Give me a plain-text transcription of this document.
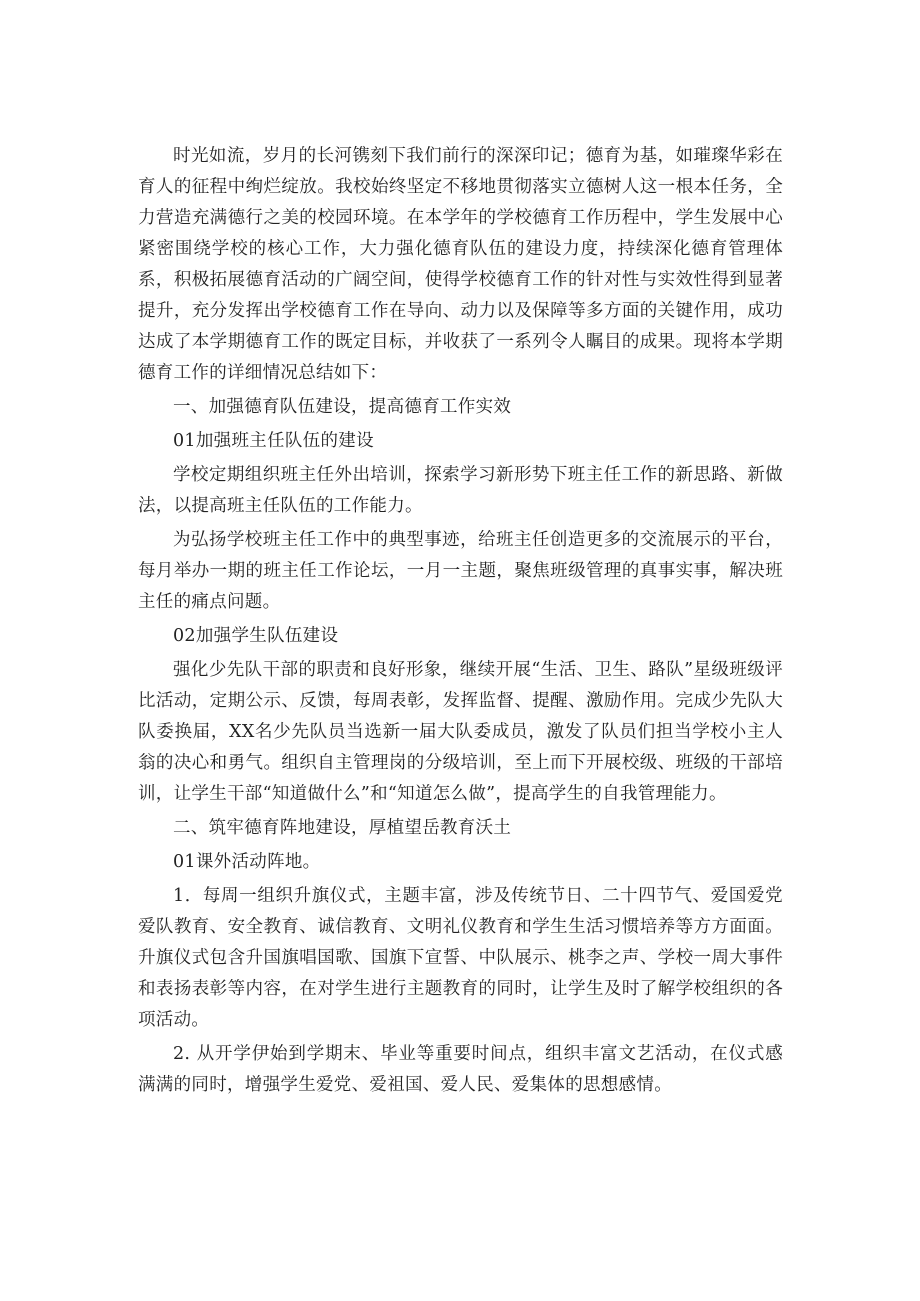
时光如流，岁月的长河镌刻下我们前行的深深印记；德育为基，如璀璨华彩在育人的征程中绚烂绽放。我校始终坚定不移地贯彻落实立德树人这一根本任务，全力营造充满德行之美的校园环境。在本学年的学校德育工作历程中，学生发展中心紧密围绕学校的核心工作，大力强化德育队伍的建设力度，持续深化德育管理体系，积极拓展德育活动的广阔空间，使得学校德育工作的针对性与实效性得到显著提升，充分发挥出学校德育工作在导向、动力以及保障等多方面的关键作用，成功达成了本学期德育工作的既定目标，并收获了一系列令人瞩目的成果。现将本学期德育工作的详细情况总结如下：

一、加强德育队伍建设，提高德育工作实效

01加强班主任队伍的建设

学校定期组织班主任外出培训，探索学习新形势下班主任工作的新思路、新做法，以提高班主任队伍的工作能力。

为弘扬学校班主任工作中的典型事迹，给班主任创造更多的交流展示的平台，每月举办一期的班主任工作论坛，一月一主题，聚焦班级管理的真事实事，解决班主任的痛点问题。

02加强学生队伍建设

强化少先队干部的职责和良好形象，继续开展“生活、卫生、路队”星级班级评比活动，定期公示、反馈，每周表彰，发挥监督、提醒、激励作用。完成少先队大队委换届，XX名少先队员当选新一届大队委成员，激发了队员们担当学校小主人翁的决心和勇气。组织自主管理岗的分级培训，至上而下开展校级、班级的干部培训，让学生干部“知道做什么”和“知道怎么做”，提高学生的自我管理能力。

二、筑牢德育阵地建设，厚植望岳教育沃土

01课外活动阵地。

1．每周一组织升旗仪式，主题丰富，涉及传统节日、二十四节气、爱国爱党爱队教育、安全教育、诚信教育、文明礼仪教育和学生生活习惯培养等方方面面。升旗仪式包含升国旗唱国歌、国旗下宣誓、中队展示、桃李之声、学校一周大事件和表扬表彰等内容，在对学生进行主题教育的同时，让学生及时了解学校组织的各项活动。

2. 从开学伊始到学期末、毕业等重要时间点，组织丰富文艺活动，在仪式感满满的同时，增强学生爱党、爱祖国、爱人民、爱集体的思想感情。
